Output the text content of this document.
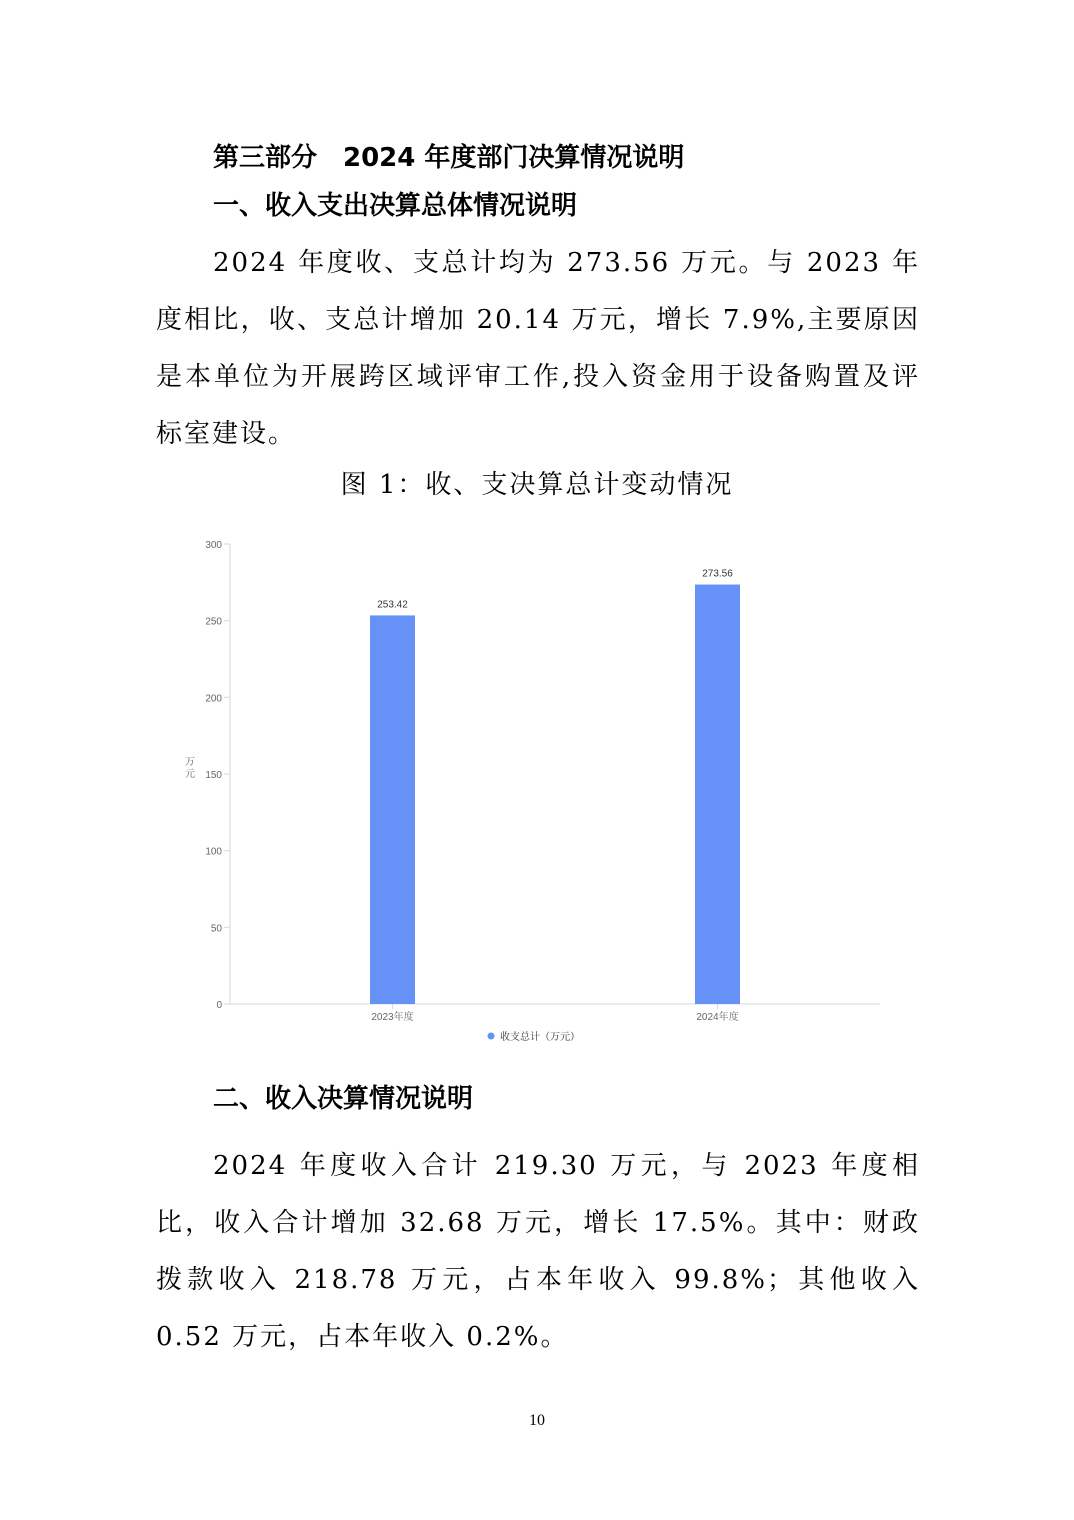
第三部分　2024 年度部门决算情况说明
一、收入支出决算总体情况说明

2024 年度收、支总计均为 273.56 万元。与 2023 年度相比，收、支总计增加 20.14 万元，增长 7.9%,主要原因是本单位为开展跨区域评审工作,投入资金用于设备购置及评标室建设。

图 1：收、支决算总计变动情况

0
50
100
150
200
250
300
万
元
253.42
2023年度
273.56
2024年度
收支总计（万元）
二、收入决算情况说明

2024 年度收入合计 219.30 万元，与 2023 年度相比，收入合计增加 32.68 万元，增长 17.5%。其中：财政拨款收入 218.78 万元，占本年收入 99.8%；其他收入 0.52 万元，占本年收入 0.2%。

10
